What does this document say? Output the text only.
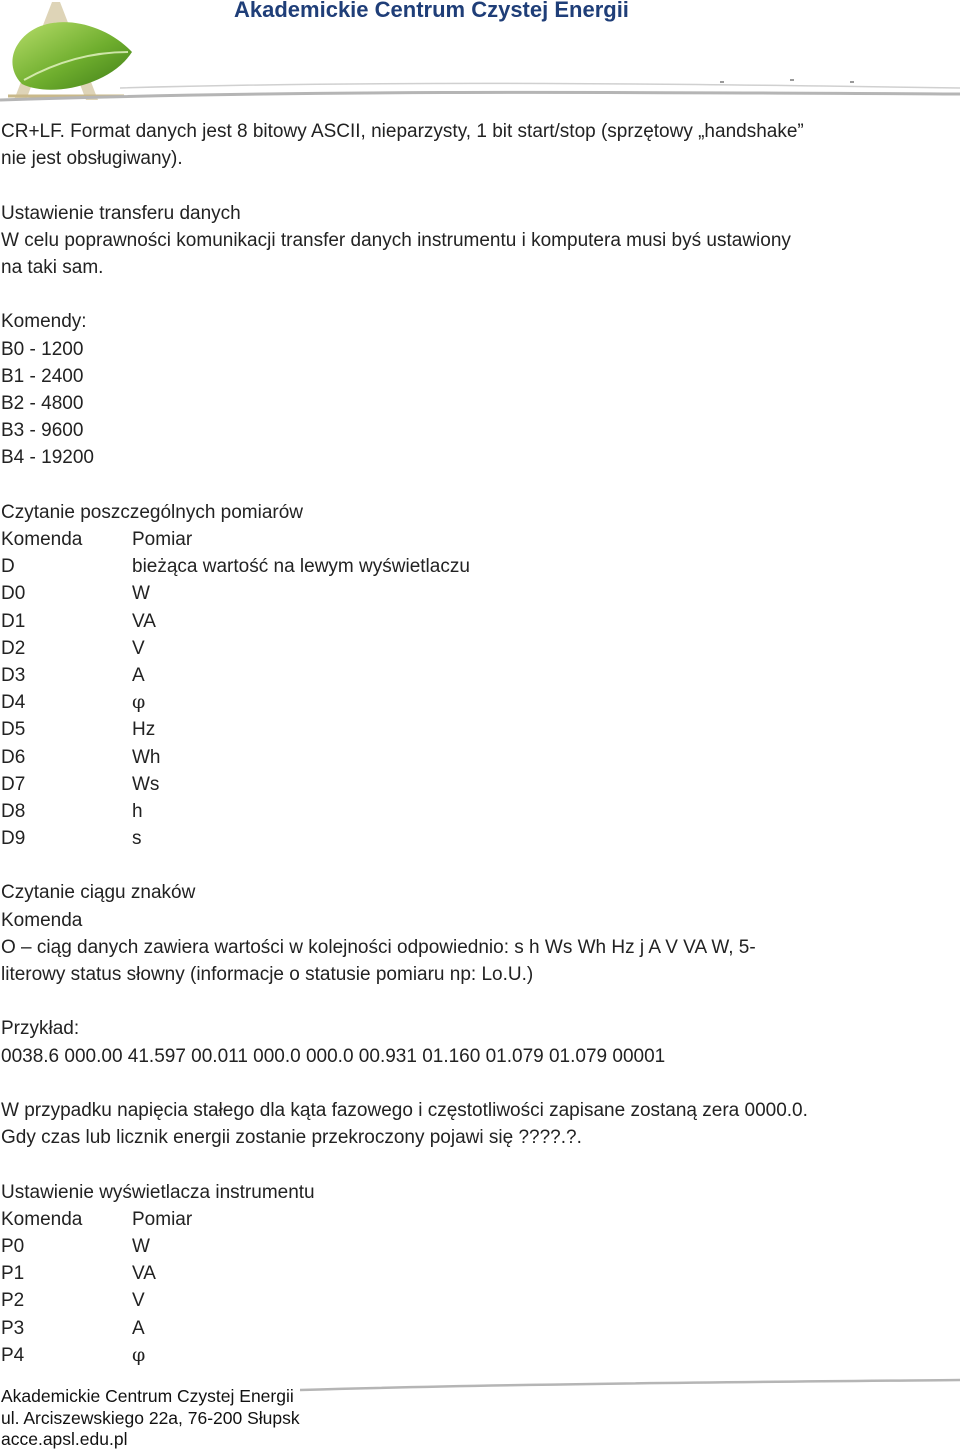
Akademickie Centrum Czystej Energii

CR+LF. Format danych jest 8 bitowy ASCII, nieparzysty, 1 bit start/stop (sprzętowy „handshake”

nie jest obsługiwany).

Ustawienie transferu danych

W celu poprawności komunikacji transfer danych instrumentu i komputera musi byś ustawiony

na taki sam.

Komendy:

B0 - 1200

B1 - 2400

B2 - 4800

B3 - 9600

B4 - 19200

Czytanie poszczególnych pomiarów

Komenda	Pomiar
D	bieżąca wartość na lewym wyświetlaczu
D0	W
D1	VA
D2	V
D3	A
D4	φ
D5	Hz
D6	Wh
D7	Ws
D8	h
D9	s

Czytanie ciągu znaków

Komenda

O – ciąg danych zawiera wartości w kolejności odpowiednio: s h Ws Wh Hz j A V VA W, 5-

literowy status słowny (informacje o statusie pomiaru np: Lo.U.)

Przykład:

0038.6 000.00 41.597 00.011 000.0 000.0 00.931 01.160 01.079 01.079 00001

W przypadku napięcia stałego dla kąta fazowego i częstotliwości zapisane zostaną zera 0000.0.

Gdy czas lub licznik energii zostanie przekroczony pojawi się ????.?.

Ustawienie wyświetlacza instrumentu

Komenda	Pomiar
P0	W
P1	VA
P2	V
P3	A
P4	φ
Akademickie Centrum Czystej Energii
ul. Arciszewskiego 22a, 76-200 Słupsk
acce.apsl.edu.pl
